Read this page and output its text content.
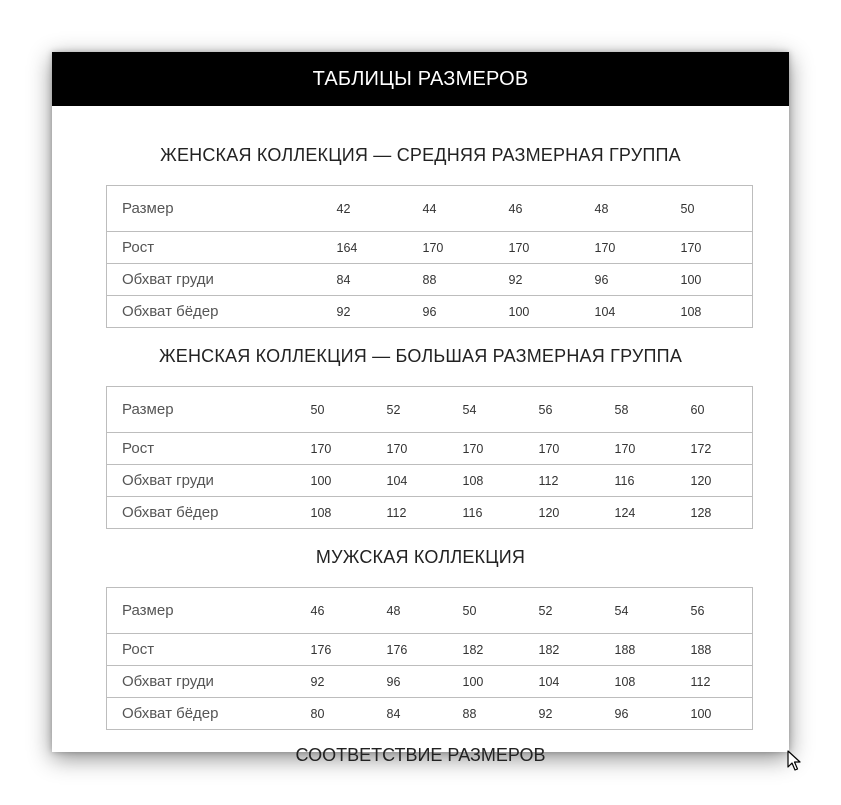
ТАБЛИЦЫ РАЗМЕРОВ
ЖЕНСКАЯ КОЛЛЕКЦИЯ — СРЕДНЯЯ РАЗМЕРНАЯ ГРУППА
Размер	42	44	46	48	50
Рост	164	170	170	170	170
Обхват груди	84	88	92	96	100
Обхват бёдер	92	96	100	104	108
ЖЕНСКАЯ КОЛЛЕКЦИЯ — БОЛЬШАЯ РАЗМЕРНАЯ ГРУППА
Размер	50	52	54	56	58	60
Рост	170	170	170	170	170	172
Обхват груди	100	104	108	112	116	120
Обхват бёдер	108	112	116	120	124	128
МУЖСКАЯ КОЛЛЕКЦИЯ
Размер	46	48	50	52	54	56
Рост	176	176	182	182	188	188
Обхват груди	92	96	100	104	108	112
Обхват бёдер	80	84	88	92	96	100
СООТВЕТСТВИЕ РАЗМЕРОВ
